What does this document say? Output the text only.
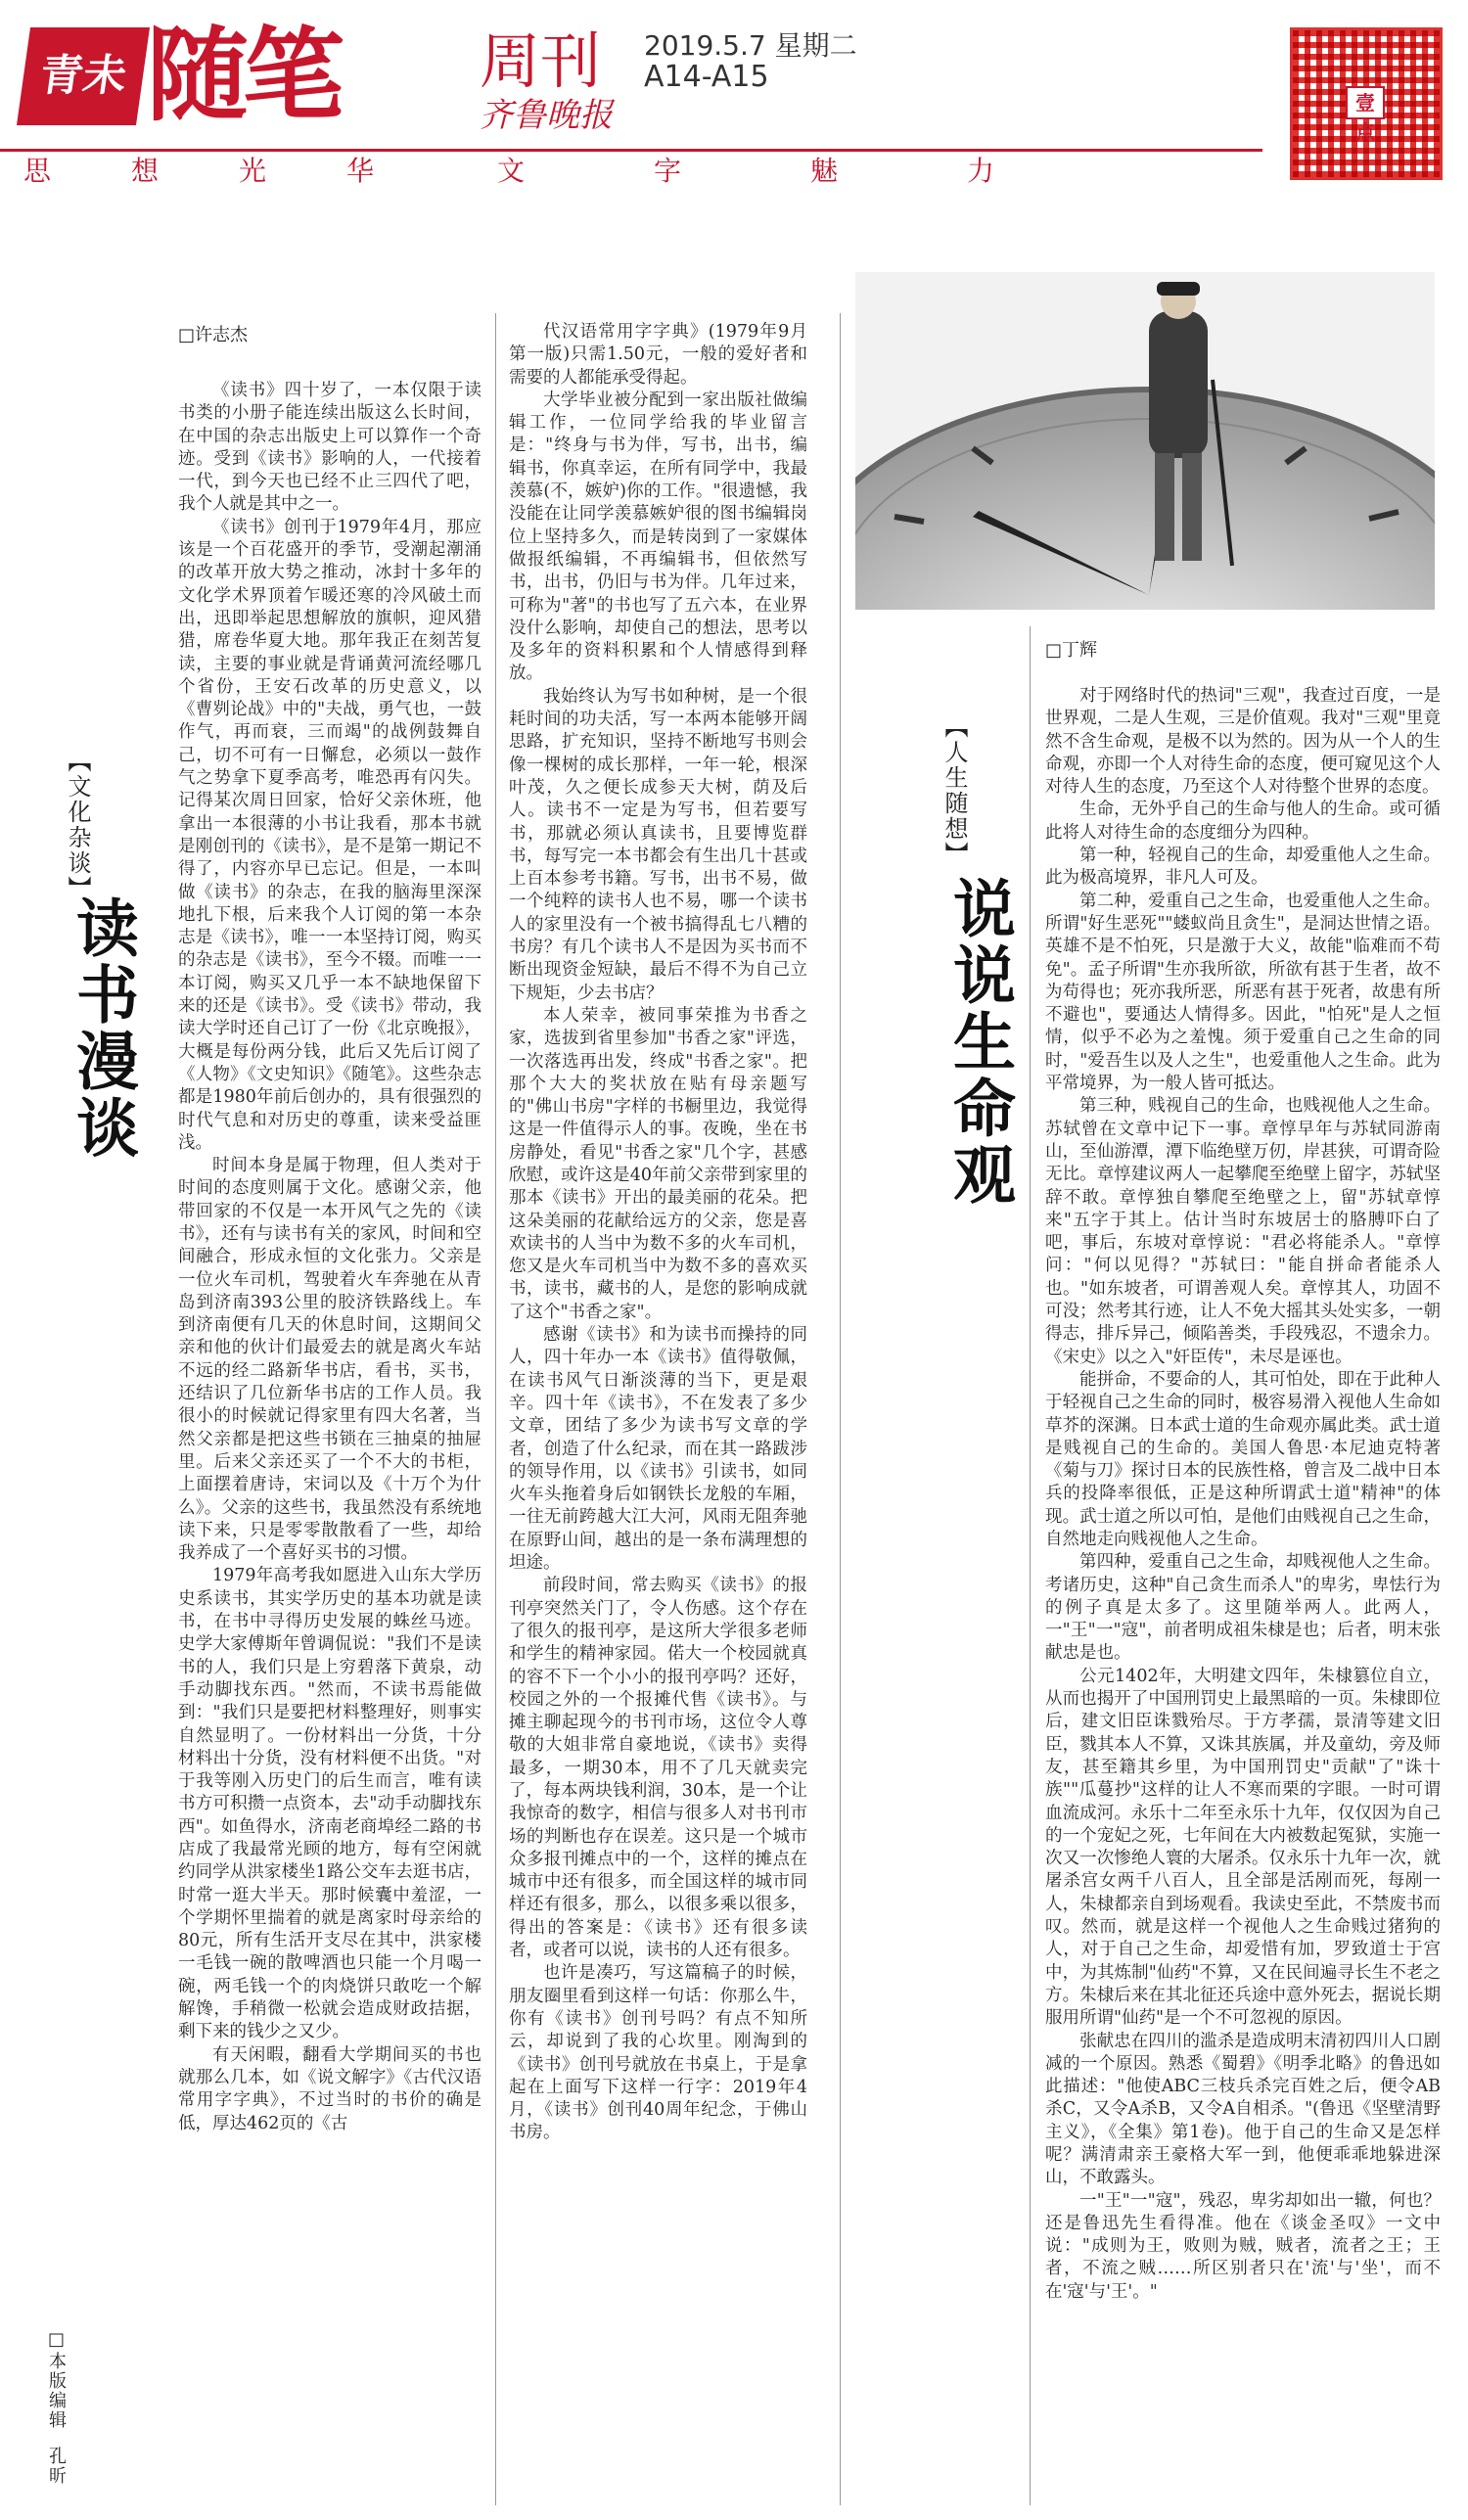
青未了
随笔 周刊
齐鲁晚报
2019.5.7 星期二
A14-A15
壹点
思	想	光	华	文	字	魅	力
【文化杂谈】
读书漫谈
□许志杰

《读书》四十岁了，一本仅限于读书类的小册子能连续出版这么长时间，在中国的杂志出版史上可以算作一个奇迹。受到《读书》影响的人，一代接着一代，到今天也已经不止三四代了吧，我个人就是其中之一。

《读书》创刊于1979年4月，那应该是一个百花盛开的季节，受潮起潮涌的改革开放大势之推动，冰封十多年的文化学术界顶着乍暖还寒的冷风破土而出，迅即举起思想解放的旗帜，迎风猎猎，席卷华夏大地。那年我正在刻苦复读，主要的事业就是背诵黄河流经哪几个省份，王安石改革的历史意义，以《曹刿论战》中的"夫战，勇气也，一鼓作气，再而衰，三而竭"的战例鼓舞自己，切不可有一日懈怠，必须以一鼓作气之势拿下夏季高考，唯恐再有闪失。记得某次周日回家，恰好父亲休班，他拿出一本很薄的小书让我看，那本书就是刚创刊的《读书》，是不是第一期记不得了，内容亦早已忘记。但是，一本叫做《读书》的杂志，在我的脑海里深深地扎下根，后来我个人订阅的第一本杂志是《读书》，唯一一本坚持订阅，购买的杂志是《读书》，至今不辍。而唯一一本订阅，购买又几乎一本不缺地保留下来的还是《读书》。受《读书》带动，我读大学时还自己订了一份《北京晚报》，大概是每份两分钱，此后又先后订阅了《人物》《文史知识》《随笔》。这些杂志都是1980年前后创办的，具有很强烈的时代气息和对历史的尊重，读来受益匪浅。

时间本身是属于物理，但人类对于时间的态度则属于文化。感谢父亲，他带回家的不仅是一本开风气之先的《读书》，还有与读书有关的家风，时间和空间融合，形成永恒的文化张力。父亲是一位火车司机，驾驶着火车奔驰在从青岛到济南393公里的胶济铁路线上。车到济南便有几天的休息时间，这期间父亲和他的伙计们最爱去的就是离火车站不远的经二路新华书店，看书，买书，还结识了几位新华书店的工作人员。我很小的时候就记得家里有四大名著，当然父亲都是把这些书锁在三抽桌的抽屉里。后来父亲还买了一个不大的书柜，上面摆着唐诗，宋词以及《十万个为什么》。父亲的这些书，我虽然没有系统地读下来，只是零零散散看了一些，却给我养成了一个喜好买书的习惯。

1979年高考我如愿进入山东大学历史系读书，其实学历史的基本功就是读书，在书中寻得历史发展的蛛丝马迹。史学大家傅斯年曾调侃说："我们不是读书的人，我们只是上穷碧落下黄泉，动手动脚找东西。"然而，不读书焉能做到："我们只是要把材料整理好，则事实自然显明了。一份材料出一分货，十分材料出十分货，没有材料便不出货。"对于我等刚入历史门的后生而言，唯有读书方可积攒一点资本，去"动手动脚找东西"。如鱼得水，济南老商埠经二路的书店成了我最常光顾的地方，每有空闲就约同学从洪家楼坐1路公交车去逛书店，时常一逛大半天。那时候囊中羞涩，一个学期怀里揣着的就是离家时母亲给的80元，所有生活开支尽在其中，洪家楼一毛钱一碗的散啤酒也只能一个月喝一碗，两毛钱一个的肉烧饼只敢吃一个解解馋，手稍微一松就会造成财政拮据，剩下来的钱少之又少。

有天闲暇，翻看大学期间买的书也就那么几本，如《说文解字》《古代汉语常用字字典》，不过当时的书价的确是低，厚达462页的《古

代汉语常用字字典》(1979年9月第一版)只需1.50元，一般的爱好者和需要的人都能承受得起。

大学毕业被分配到一家出版社做编辑工作，一位同学给我的毕业留言是："终身与书为伴，写书，出书，编辑书，你真幸运，在所有同学中，我最羡慕(不，嫉妒)你的工作。"很遗憾，我没能在让同学羡慕嫉妒很的图书编辑岗位上坚持多久，而是转岗到了一家媒体做报纸编辑，不再编辑书，但依然写书，出书，仍旧与书为伴。几年过来，可称为"著"的书也写了五六本，在业界没什么影响，却使自己的想法，思考以及多年的资料积累和个人情感得到释放。

我始终认为写书如种树，是一个很耗时间的功夫活，写一本两本能够开阔思路，扩充知识，坚持不断地写书则会像一棵树的成长那样，一年一轮，根深叶茂，久之便长成参天大树，荫及后人。读书不一定是为写书，但若要写书，那就必须认真读书，且要博览群书，每写完一本书都会有生出几十甚或上百本参考书籍。写书，出书不易，做一个纯粹的读书人也不易，哪一个读书人的家里没有一个被书搞得乱七八糟的书房？有几个读书人不是因为买书而不断出现资金短缺，最后不得不为自己立下规矩，少去书店？

本人荣幸，被同事荣推为书香之家，选拔到省里参加"书香之家"评选，一次落选再出发，终成"书香之家"。把那个大大的奖状放在贴有母亲题写的"佛山书房"字样的书橱里边，我觉得这是一件值得示人的事。夜晚，坐在书房静处，看见"书香之家"几个字，甚感欣慰，或许这是40年前父亲带到家里的那本《读书》开出的最美丽的花朵。把这朵美丽的花献给远方的父亲，您是喜欢读书的人当中为数不多的火车司机，您又是火车司机当中为数不多的喜欢买书，读书，藏书的人，是您的影响成就了这个"书香之家"。

感谢《读书》和为读书而操持的同人，四十年办一本《读书》值得敬佩，在读书风气日渐淡薄的当下，更是艰辛。四十年《读书》，不在发表了多少文章，团结了多少为读书写文章的学者，创造了什么纪录，而在其一路跋涉的领导作用，以《读书》引读书，如同火车头拖着身后如钢铁长龙般的车厢，一往无前跨越大江大河，风雨无阻奔驰在原野山间，越出的是一条布满理想的坦途。

前段时间，常去购买《读书》的报刊亭突然关门了，令人伤感。这个存在了很久的报刊亭，是这所大学很多老师和学生的精神家园。偌大一个校园就真的容不下一个小小的报刊亭吗？还好，校园之外的一个报摊代售《读书》。与摊主聊起现今的书刊市场，这位令人尊敬的大姐非常自豪地说，《读书》卖得最多，一期30本，用不了几天就卖完了，每本两块钱利润，30本，是一个让我惊奇的数字，相信与很多人对书刊市场的判断也存在误差。这只是一个城市众多报刊摊点中的一个，这样的摊点在城市中还有很多，而全国这样的城市同样还有很多，那么，以很多乘以很多，得出的答案是：《读书》还有很多读者，或者可以说，读书的人还有很多。

也许是凑巧，写这篇稿子的时候，朋友圈里看到这样一句话：你那么牛，你有《读书》创刊号吗？有点不知所云，却说到了我的心坎里。刚淘到的《读书》创刊号就放在书桌上，于是拿起在上面写下这样一行字：2019年4月，《读书》创刊40周年纪念，于佛山书房。

【人生随想】
说说生命观
□丁辉

对于网络时代的热词"三观"，我查过百度，一是世界观，二是人生观，三是价值观。我对"三观"里竟然不含生命观，是极不以为然的。因为从一个人的生命观，亦即一个人对待生命的态度，便可窥见这个人对待人生的态度，乃至这个人对待整个世界的态度。

生命，无外乎自己的生命与他人的生命。或可循此将人对待生命的态度细分为四种。

第一种，轻视自己的生命，却爱重他人之生命。此为极高境界，非凡人可及。

第二种，爱重自己之生命，也爱重他人之生命。所谓"好生恶死""蝼蚁尚且贪生"，是洞达世情之语。英雄不是不怕死，只是激于大义，故能"临难而不苟免"。孟子所谓"生亦我所欲，所欲有甚于生者，故不为苟得也；死亦我所恶，所恶有甚于死者，故患有所不避也"，要通达人情得多。因此，"怕死"是人之恒情，似乎不必为之羞愧。须于爱重自己之生命的同时，"爱吾生以及人之生"，也爱重他人之生命。此为平常境界，为一般人皆可抵达。

第三种，贱视自己的生命，也贱视他人之生命。苏轼曾在文章中记下一事。章惇早年与苏轼同游南山，至仙游潭，潭下临绝壁万仞，岸甚狭，可谓奇险无比。章惇建议两人一起攀爬至绝壁上留字，苏轼坚辞不敢。章惇独自攀爬至绝壁之上，留"苏轼章惇来"五字于其上。估计当时东坡居士的胳膊吓白了吧，事后，东坡对章惇说："君必将能杀人。"章惇问："何以见得？"苏轼曰："能自拼命者能杀人也。"如东坡者，可谓善观人矣。章惇其人，功固不可没；然考其行迹，让人不免大摇其头处实多，一朝得志，排斥异己，倾陷善类，手段残忍，不遗余力。《宋史》以之入"奸臣传"，未尽是诬也。

能拼命，不要命的人，其可怕处，即在于此种人于轻视自己之生命的同时，极容易滑入视他人生命如草芥的深渊。日本武士道的生命观亦属此类。武士道是贱视自己的生命的。美国人鲁思·本尼迪克特著《菊与刀》探讨日本的民族性格，曾言及二战中日本兵的投降率很低，正是这种所谓武士道"精神"的体现。武士道之所以可怕，是他们由贱视自己之生命，自然地走向贱视他人之生命。

第四种，爱重自己之生命，却贱视他人之生命。考诸历史，这种"自己贪生而杀人"的卑劣，卑怯行为的例子真是太多了。这里随举两人。此两人，一"王"一"寇"，前者明成祖朱棣是也；后者，明末张献忠是也。

公元1402年，大明建文四年，朱棣篡位自立，从而也揭开了中国刑罚史上最黑暗的一页。朱棣即位后，建文旧臣诛戮殆尽。于方孝孺，景清等建文旧臣，戮其本人不算，又诛其族属，并及童幼，旁及师友，甚至籍其乡里，为中国刑罚史"贡献"了"诛十族""瓜蔓抄"这样的让人不寒而栗的字眼。一时可谓血流成河。永乐十二年至永乐十九年，仅仅因为自己的一个宠妃之死，七年间在大内被数起冤狱，实施一次又一次惨绝人寰的大屠杀。仅永乐十九年一次，就屠杀宫女两千八百人，且全部是活剐而死，每剐一人，朱棣都亲自到场观看。我读史至此，不禁废书而叹。然而，就是这样一个视他人之生命贱过猪狗的人，对于自己之生命，却爱惜有加，罗致道士于宫中，为其炼制"仙药"不算，又在民间遍寻长生不老之方。朱棣后来在其北征还兵途中意外死去，据说长期服用所谓"仙药"是一个不可忽视的原因。

张献忠在四川的滥杀是造成明末清初四川人口剧减的一个原因。熟悉《蜀碧》《明季北略》的鲁迅如此描述："他使ABC三枝兵杀完百姓之后，便令AB杀C，又令A杀B，又令A自相杀。"(鲁迅《坚壁清野主义》，《全集》第1卷)。他于自己的生命又是怎样呢？满清肃亲王豪格大军一到，他便乖乖地躲进深山，不敢露头。

一"王"一"寇"，残忍，卑劣却如出一辙，何也？还是鲁迅先生看得准。他在《谈金圣叹》一文中说："成则为王，败则为贼，贼者，流者之王；王者，不流之贼……所区别者只在'流'与'坐'，而不在'寇'与'王'。"

□本版编辑
孔昕
